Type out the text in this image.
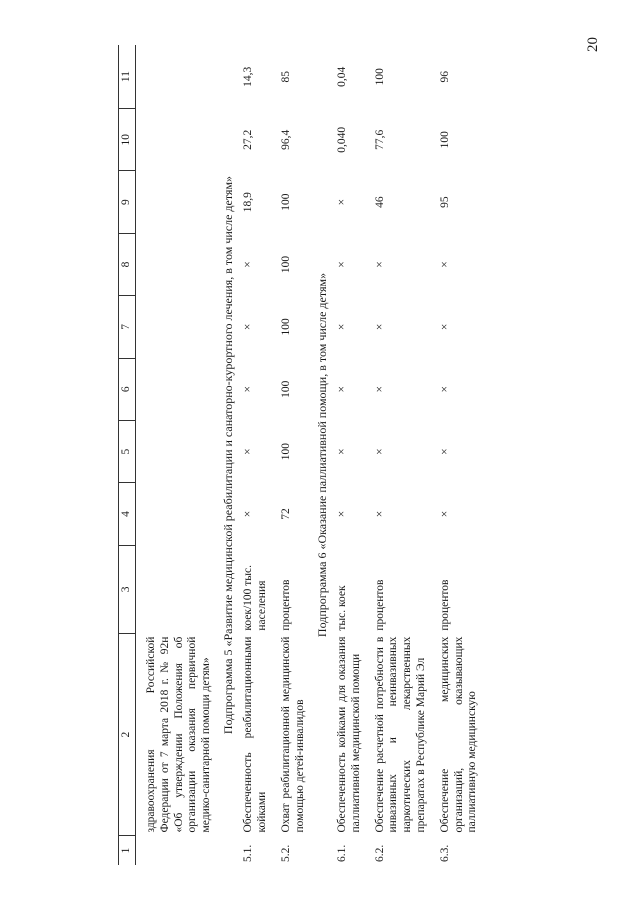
20
1	2	3	4	5	6	7	8	9	10	11

	здравоохранения Российской Федерации от 7 марта 2018 г. № 92н «Об утверждении Положения об организации оказания первичной медико-санитарной помощи детям»									
Подпрограмма 5 «Развитие медицинской реабилитации и санаторно-курортного лечения, в том числе детям»										
5.1.	Обеспеченность реабилитационными койками	коек/100 тыс. населения	×	×	×	×	×	18,9	27,2	14,3

5.2.	Охват реабилитационной медицинской помощью детей-инвалидов	процентов	72	100	100	100	100	100	96,4	85
Подпрограмма 6 «Оказание паллиативной помощи, в том числе детям»										
6.1.	Обеспеченность койками для оказания паллиативной медицинской помощи	тыс. коек	×	×	×	×	×	×	0,040	0,04

6.2.	Обеспечение расчетной потребности в инвазивных и неинвазивных наркотических лекарственных препаратах в Республике Марий Эл	процентов	×	×	×	×	×	46	77,6	100

6.3.	Обеспечение медицинских организаций, оказывающих паллиативную медицинскую	процентов	×	×	×	×	×	95	100	96
